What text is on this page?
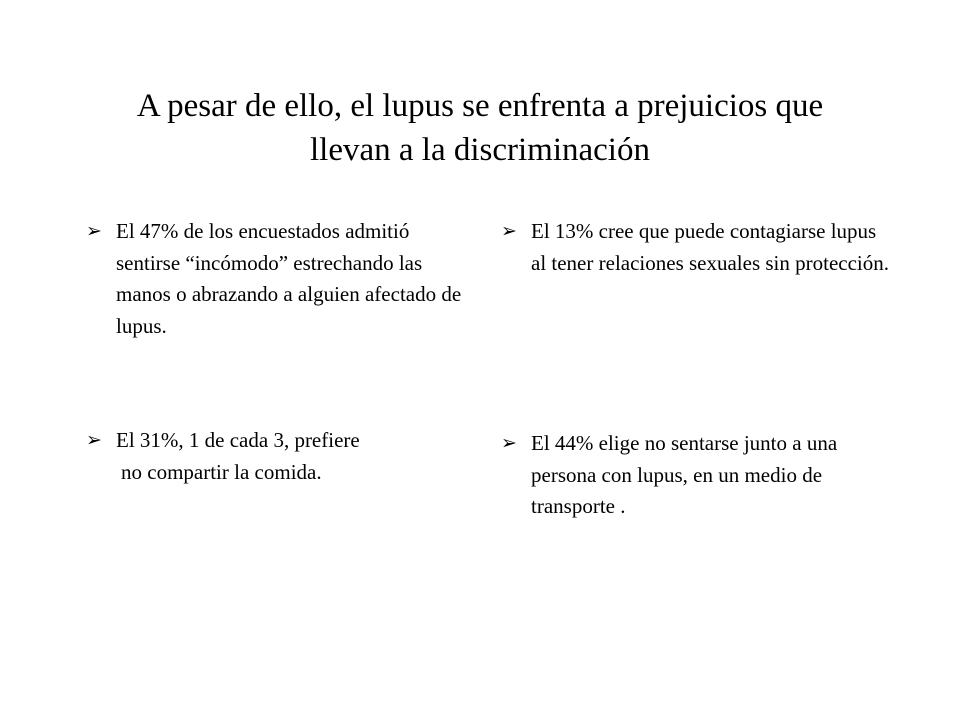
A pesar de ello, el lupus se enfrenta a prejuicios que
llevan a la discriminación
➢ El 47% de los encuestados admitió sentirse “incómodo” estrechando las manos o abrazando a alguien afectado de lupus.
➢ El 31%, 1 de cada 3, prefiere
no compartir la comida.
➢ El 13% cree que puede contagiarse lupus al tener relaciones sexuales sin protección.
➢ El 44% elige no sentarse junto a una persona con lupus, en un medio de transporte .
